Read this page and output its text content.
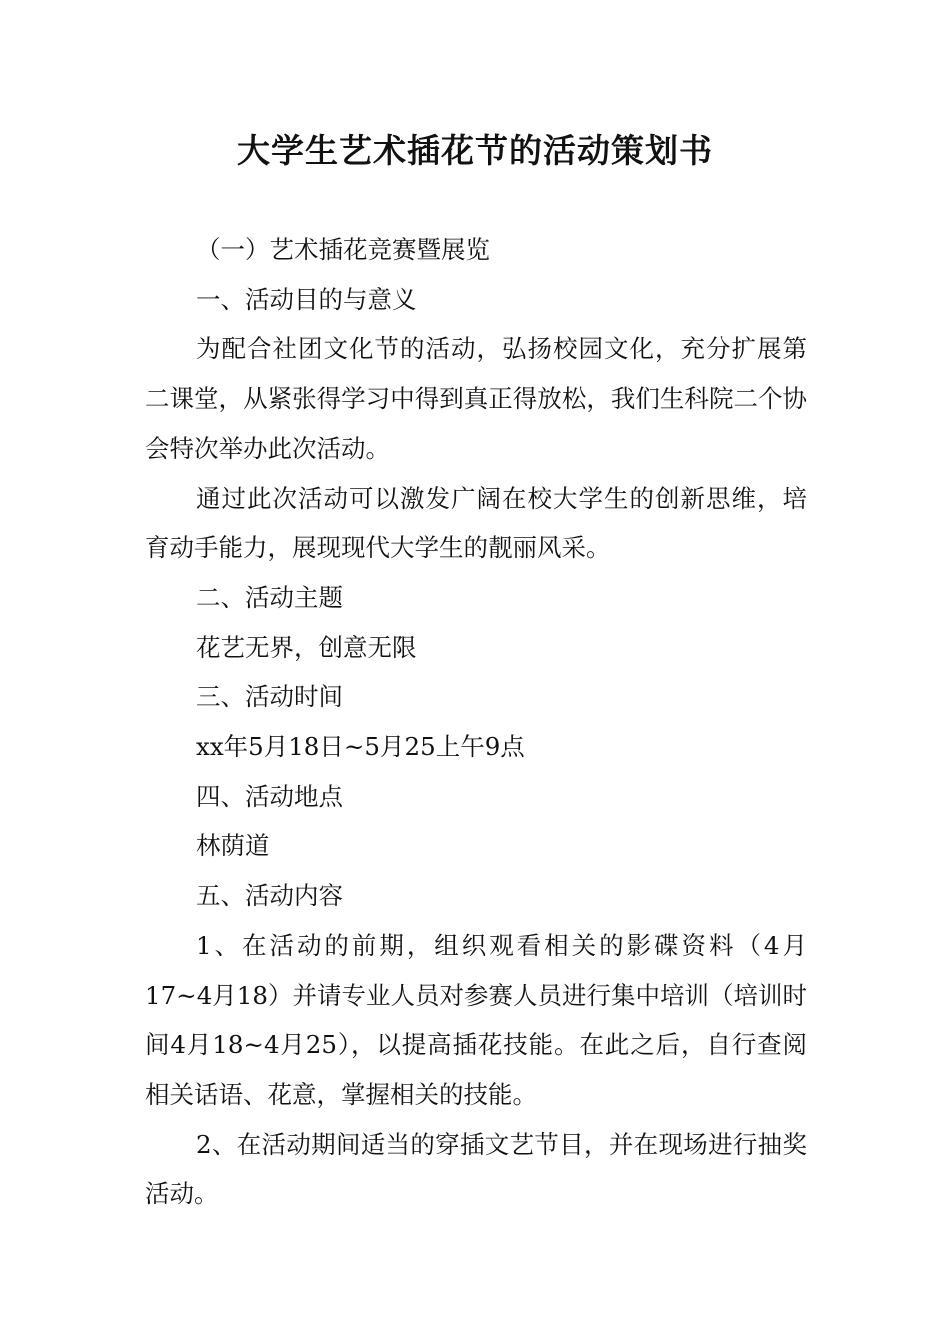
大学生艺术插花节的活动策划书

（一）艺术插花竞赛暨展览

一、活动目的与意义

为配合社团文化节的活动，弘扬校园文化，充分扩展第二课堂，从紧张得学习中得到真正得放松，我们生科院二个协会特次举办此次活动。

通过此次活动可以激发广阔在校大学生的创新思维，培育动手能力，展现现代大学生的靓丽风采。

二、活动主题

花艺无界，创意无限

三、活动时间

xx年5月18日~5月25上午9点

四、活动地点

林荫道

五、活动内容

1、在活动的前期，组织观看相关的影碟资料（4月17~4月18）并请专业人员对参赛人员进行集中培训（培训时间4月18~4月25），以提高插花技能。在此之后，自行查阅相关话语、花意，掌握相关的技能。

2、在活动期间适当的穿插文艺节目，并在现场进行抽奖活动。
